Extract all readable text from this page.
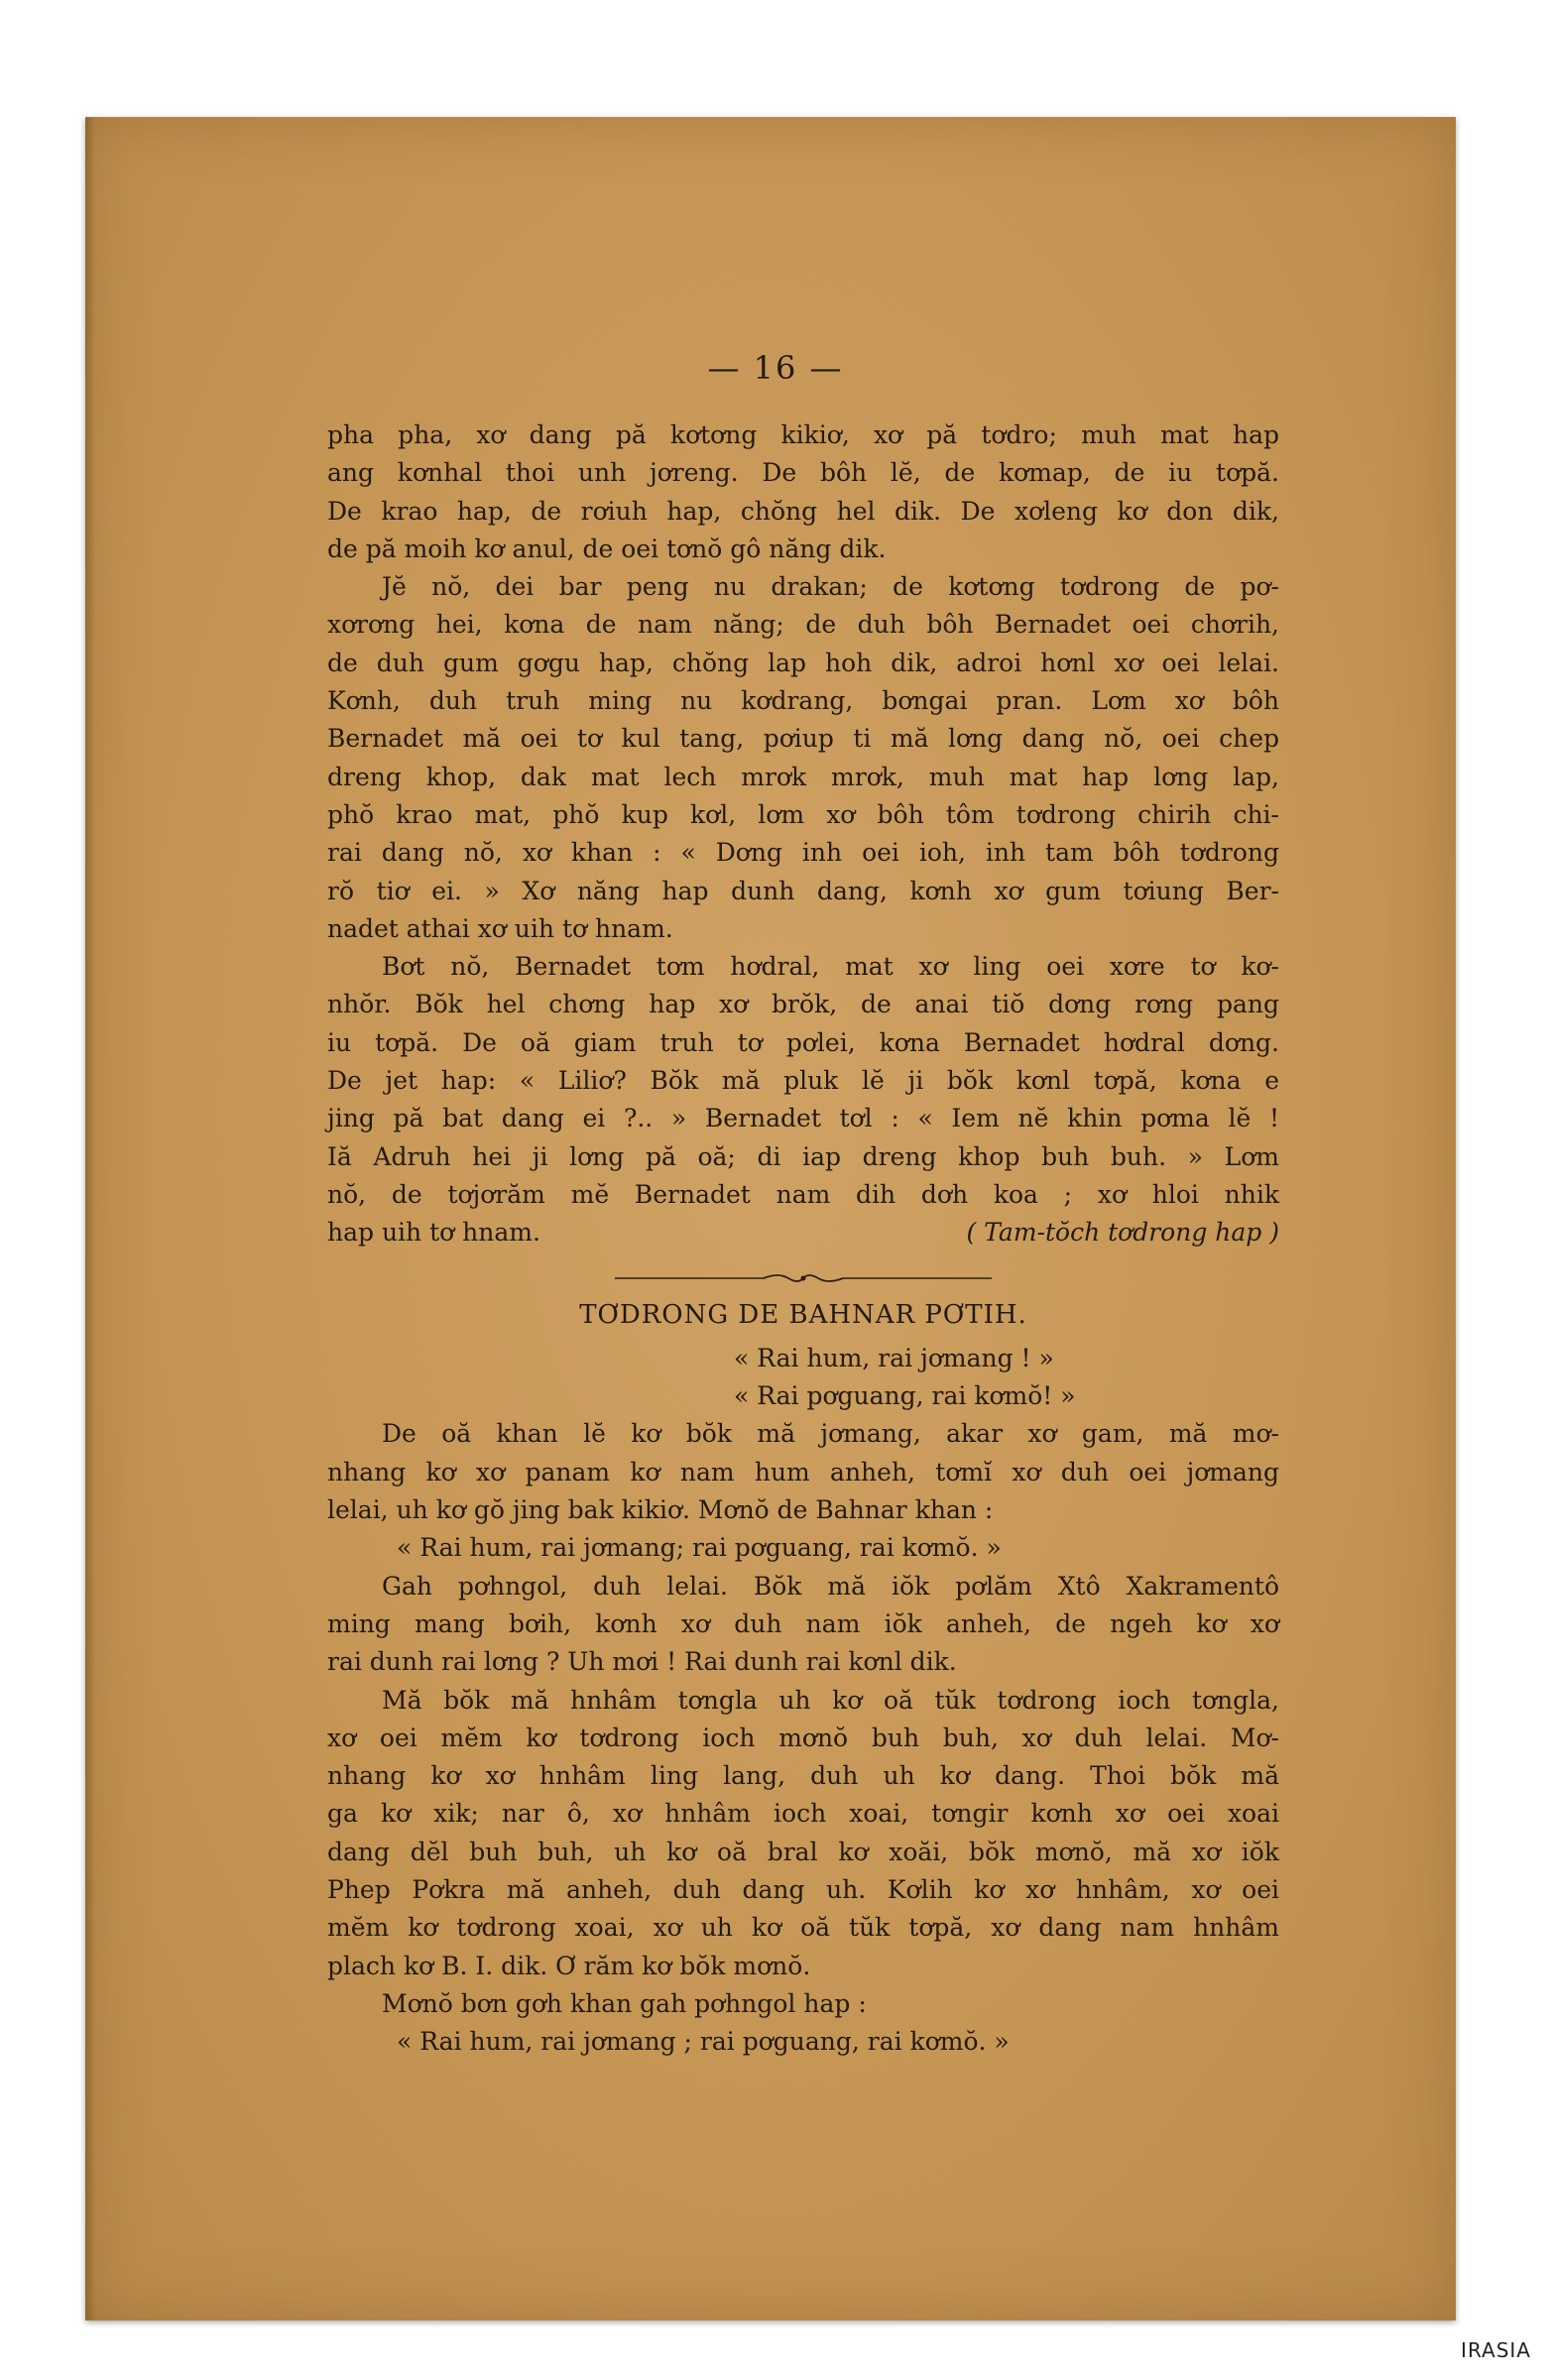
— 16 —
pha pha, xơ dang pă kơtơng kikiơ, xơ pă tơdro; muh mat hap
ang kơnhal thoi unh jơreng. De bôh lĕ, de kơmap, de iu tơpă.
De krao hap, de rơiuh hap, chŏng hel dik. De xơleng kơ don dik,
de pă moih kơ anul, de oei tơnŏ gô năng dik.
Jĕ nŏ, dei bar peng nu drakan; de kơtơng tơdrong de pơ-
xơrơng hei, kơna de nam năng; de duh bôh Bernadet oei chơrih,
de duh gum gơgu hap, chŏng lap hoh dik, adroi hơnl xơ oei lelai.
Kơnh, duh truh ming nu kơdrang, bơngai pran. Lơm xơ bôh
Bernadet mă oei tơ kul tang, pơiup ti mă lơng dang nŏ, oei chep
dreng khop, dak mat lech mrơk mrơk, muh mat hap lơng lap,
phŏ krao mat, phŏ kup kơl, lơm xơ bôh tôm tơdrong chirih chi-
rai dang nŏ, xơ khan : « Dơng inh oei ioh, inh tam bôh tơdrong
rŏ tiơ ei. » Xơ năng hap dunh dang, kơnh xơ gum tơiung Ber-
nadet athai xơ uih tơ hnam.
Bơt nŏ, Bernadet tơm hơdral, mat xơ ling oei xơre tơ kơ-
nhŏr. Bŏk hel chơng hap xơ brŏk, de anai tiŏ dơng rơng pang
iu tơpă. De oă giam truh tơ pơlei, kơna Bernadet hơdral dơng.
De jet hap: « Liliơ? Bŏk mă pluk lĕ ji bŏk kơnl tơpă, kơna e
jing pă bat dang ei ?.. » Bernadet tơl : « Iem nĕ khin pơma lĕ !
Iă Adruh hei ji lơng pă oă; di iap dreng khop buh buh. » Lơm
nŏ, de tơjơrăm mĕ Bernadet nam dih dơh koa ; xơ hloi nhik
hap uih tơ hnam.	( Tam-tŏch tơdrong hap )
TƠDRONG DE BAHNAR PƠTIH.
« Rai hum, rai jơmang ! »
« Rai pơguang, rai kơmŏ! »
De oă khan lĕ kơ bŏk mă jơmang, akar xơ gam, mă mơ-
nhang kơ xơ panam kơ nam hum anheh, tơmĭ xơ duh oei jơmang
lelai, uh kơ gŏ jing bak kikiơ. Mơnŏ de Bahnar khan :
« Rai hum, rai jơmang; rai pơguang, rai kơmŏ. »
Gah pơhngol, duh lelai. Bŏk mă iŏk pơlăm Xtô Xakramentô
ming mang bơih, kơnh xơ duh nam iŏk anheh, de ngeh kơ xơ
rai dunh rai lơng ? Uh mơi ! Rai dunh rai kơnl dik.
Mă bŏk mă hnhâm tơngla uh kơ oă tŭk tơdrong ioch tơngla,
xơ oei mĕm kơ tơdrong ioch mơnŏ buh buh, xơ duh lelai. Mơ-
nhang kơ xơ hnhâm ling lang, duh uh kơ dang. Thoi bŏk mă
ga kơ xik; nar ô, xơ hnhâm ioch xoai, tơngir kơnh xơ oei xoai
dang dĕl buh buh, uh kơ oă bral kơ xoăi, bŏk mơnŏ, mă xơ iŏk
Phep Pơkra mă anheh, duh dang uh. Kơlih kơ xơ hnhâm, xơ oei
mĕm kơ tơdrong xoai, xơ uh kơ oă tŭk tơpă, xơ dang nam hnhâm
plach kơ B. I. dik. Ơ răm kơ bŏk mơnŏ.
Mơnŏ bơn gơh khan gah pơhngol hap :
« Rai hum, rai jơmang ; rai pơguang, rai kơmŏ. »
IRASIA
